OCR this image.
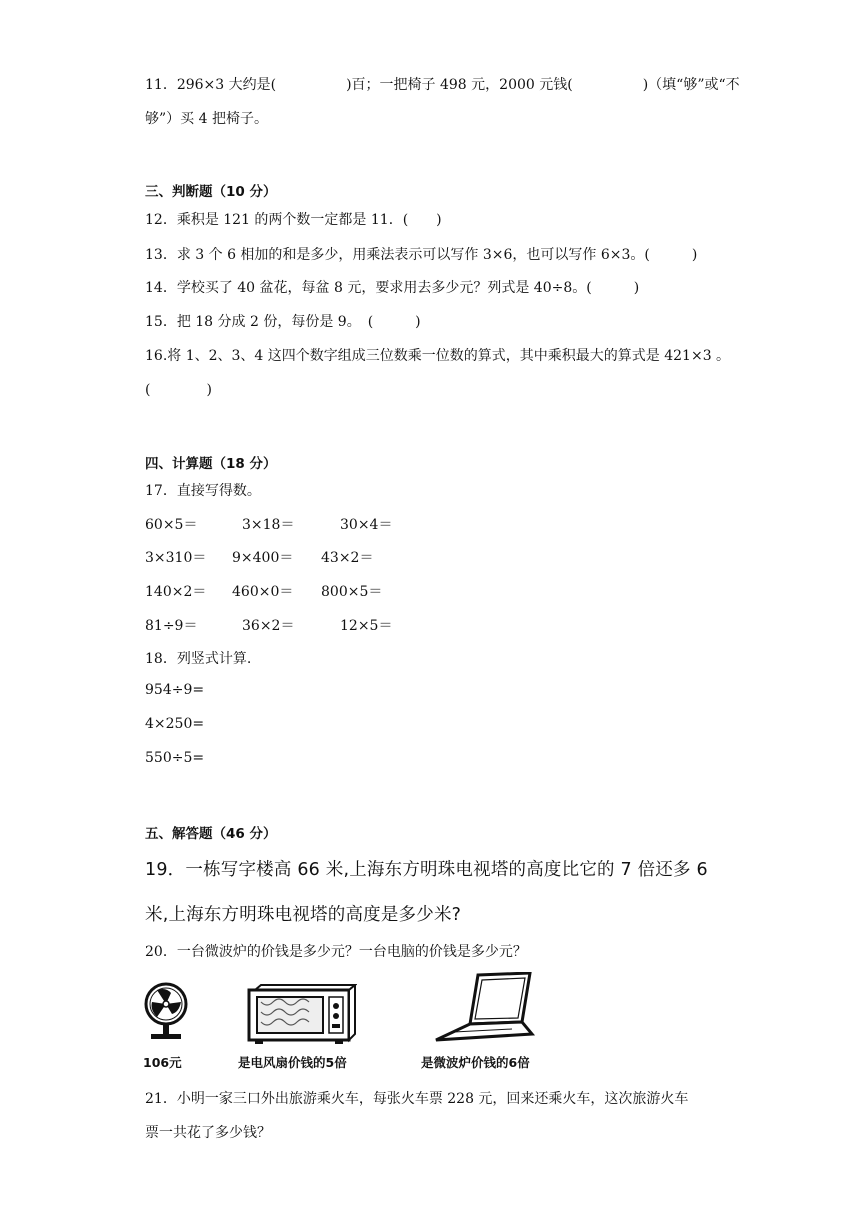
11．296×3 大约是(　　　　　)百；一把椅子 498 元，2000 元钱(　　　　　)（填“够”或“不
够”）买 4 把椅子。
三、判断题（10 分）
12．乘积是 121 的两个数一定都是 11．(　　)
13．求 3 个 6 相加的和是多少，用乘法表示可以写作 3×6，也可以写作 6×3。(　　　)
14．学校买了 40 盆花，每盆 8 元，要求用去多少元？列式是 40÷8。(　　　)
15．把 18 分成 2 份，每份是 9。　(　　　)
16.将 1、2、3、4 这四个数字组成三位数乘一位数的算式，其中乘积最大的算式是 421×3 。
(　　　　)
四、计算题（18 分）
17．直接写得数。
60×5＝	3×18＝	30×4＝
3×310＝ 9×400＝ 43×2＝
140×2＝ 460×0＝ 800×5＝
81÷9＝	36×2＝	12×5＝
18．列竖式计算.
954÷9=
4×250=
550÷5=
五、解答题（46 分）
19．一栋写字楼高 66 米,上海东方明珠电视塔的高度比它的 7 倍还多 6
米,上海东方明珠电视塔的高度是多少米?
20．一台微波炉的价钱是多少元？一台电脑的价钱是多少元？
106元	是电风扇价钱的5倍	是微波炉价钱的6倍
21．小明一家三口外出旅游乘火车，每张火车票 228 元，回来还乘火车，这次旅游火车
票一共花了多少钱？
